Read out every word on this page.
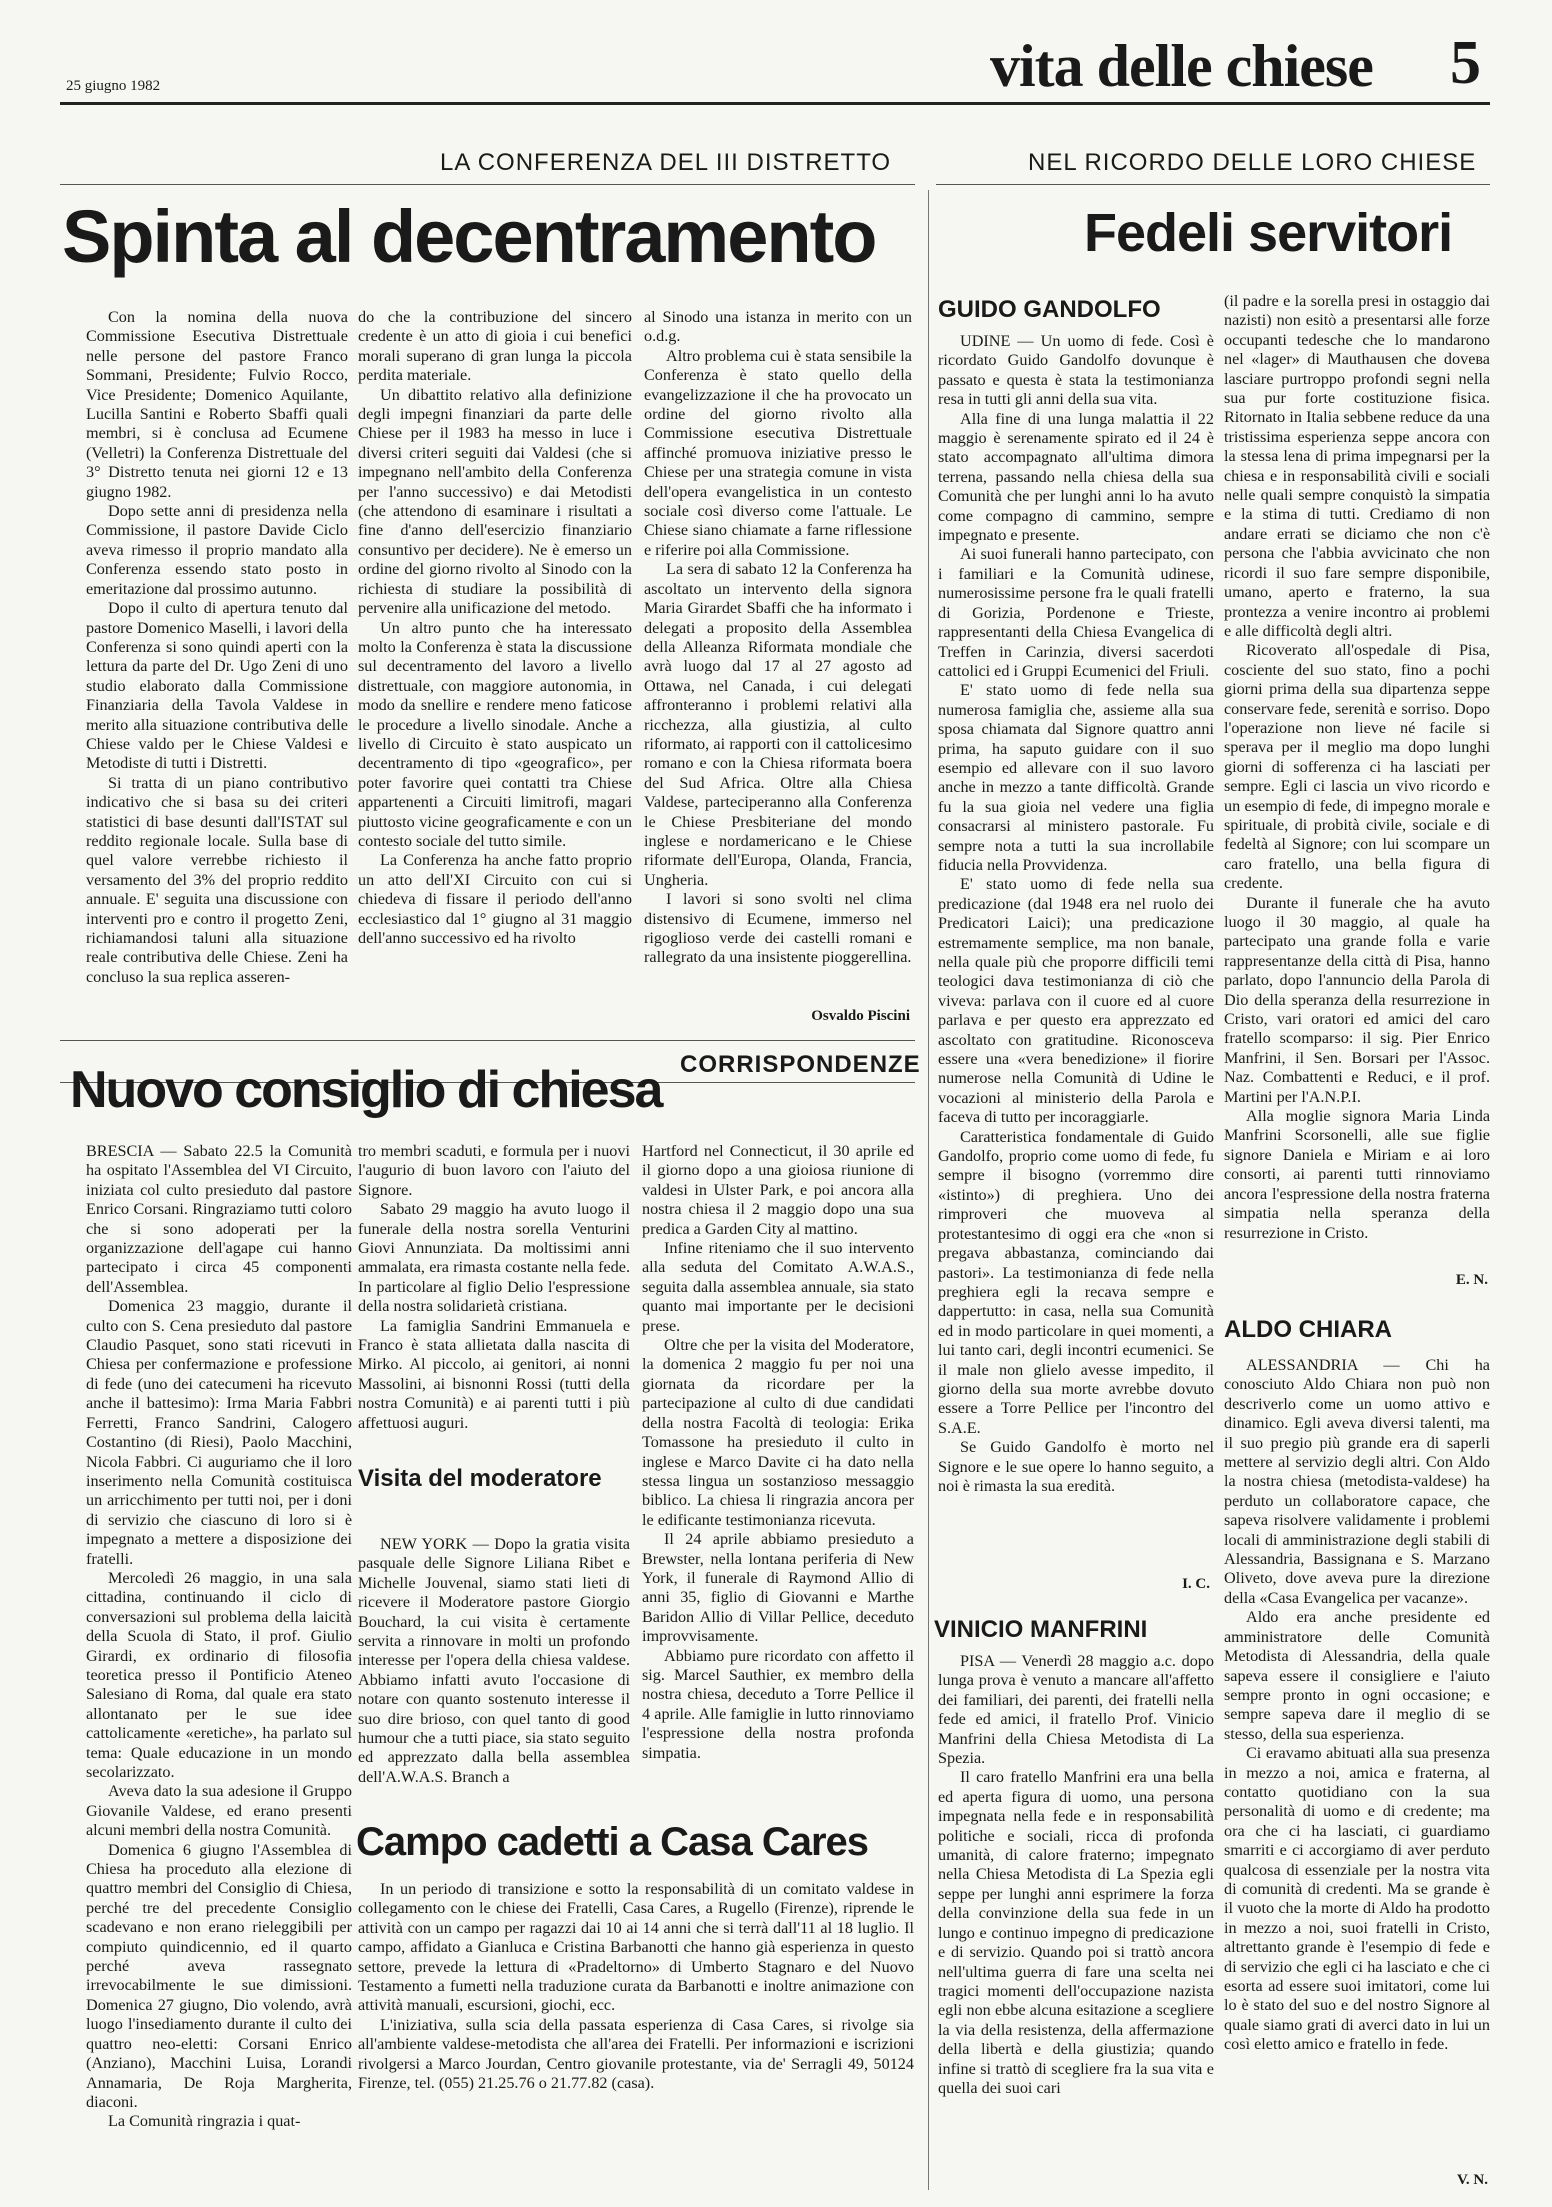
25 giugno 1982	vita delle chiese 5
LA CONFERENZA DEL III DISTRETTO
Spinta al decentramento

Con la nomina della nuova Commissione Esecutiva Distrettuale nelle persone del pastore Franco Sommani, Presidente; Fulvio Rocco, Vice Presidente; Domenico Aquilante, Lucilla Santini e Roberto Sbaffi quali membri, si è conclusa ad Ecumene (Velletri) la Conferenza Distrettuale del 3° Distretto tenuta nei giorni 12 e 13 giugno 1982.

Dopo sette anni di presidenza nella Commissione, il pastore Davide Ciclo aveva rimesso il proprio mandato alla Conferenza essendo stato posto in emeritazione dal prossimo autunno.

Dopo il culto di apertura tenuto dal pastore Domenico Maselli, i lavori della Conferenza si sono quindi aperti con la lettura da parte del Dr. Ugo Zeni di uno studio elaborato dalla Commissione Finanziaria della Tavola Valdese in merito alla situazione contributiva delle Chiese valdo per le Chiese Valdesi e Metodiste di tutti i Distretti.

Si tratta di un piano contributivo indicativo che si basa su dei criteri statistici di base desunti dall'ISTAT sul reddito regionale locale. Sulla base di quel valore verrebbe richiesto il versamento del 3% del proprio reddito annuale. E' seguita una discussione con interventi pro e contro il progetto Zeni, richiamandosi taluni alla situazione reale contributiva delle Chiese. Zeni ha concluso la sua replica asseren-

do che la contribuzione del sincero credente è un atto di gioia i cui benefici morali superano di gran lunga la piccola perdita materiale.

Un dibattito relativo alla definizione degli impegni finanziari da parte delle Chiese per il 1983 ha messo in luce i diversi criteri seguiti dai Valdesi (che si impegnano nell'ambito della Conferenza per l'anno successivo) e dai Metodisti (che attendono di esaminare i risultati a fine d'anno dell'esercizio finanziario consuntivo per decidere). Ne è emerso un ordine del giorno rivolto al Sinodo con la richiesta di studiare la possibilità di pervenire alla unificazione del metodo.

Un altro punto che ha interessato molto la Conferenza è stata la discussione sul decentramento del lavoro a livello distrettuale, con maggiore autonomia, in modo da snellire e rendere meno faticose le procedure a livello sinodale. Anche a livello di Circuito è stato auspicato un decentramento di tipo «geografico», per poter favorire quei contatti tra Chiese appartenenti a Circuiti limitrofi, magari piuttosto vicine geograficamente e con un contesto sociale del tutto simile.

La Conferenza ha anche fatto proprio un atto dell'XI Circuito con cui si chiedeva di fissare il periodo dell'anno ecclesiastico dal 1° giugno al 31 maggio dell'anno successivo ed ha rivolto

al Sinodo una istanza in merito con un o.d.g.

Altro problema cui è stata sensibile la Conferenza è stato quello della evangelizzazione il che ha provocato un ordine del giorno rivolto alla Commissione esecutiva Distrettuale affinché promuova iniziative presso le Chiese per una strategia comune in vista dell'opera evangelistica in un contesto sociale così diverso come l'attuale. Le Chiese siano chiamate a farne riflessione e riferire poi alla Commissione.

La sera di sabato 12 la Conferenza ha ascoltato un intervento della signora Maria Girardet Sbaffi che ha informato i delegati a proposito della Assemblea della Alleanza Riformata mondiale che avrà luogo dal 17 al 27 agosto ad Ottawa, nel Canada, i cui delegati affronteranno i problemi relativi alla ricchezza, alla giustizia, al culto riformato, ai rapporti con il cattolicesimo romano e con la Chiesa riformata boera del Sud Africa. Oltre alla Chiesa Valdese, parteciperanno alla Conferenza le Chiese Presbiteriane del mondo inglese e nordamericano e le Chiese riformate dell'Europa, Olanda, Francia, Ungheria.

I lavori si sono svolti nel clima distensivo di Ecumene, immerso nel rigoglioso verde dei castelli romani e rallegrato da una insistente pioggerellina.

Osvaldo Piscini
CORRISPONDENZE
Nuovo consiglio di chiesa

BRESCIA — Sabato 22.5 la Comunità ha ospitato l'Assemblea del VI Circuito, iniziata col culto presieduto dal pastore Enrico Corsani. Ringraziamo tutti coloro che si sono adoperati per la organizzazione dell'agape cui hanno partecipato i circa 45 componenti dell'Assemblea.

Domenica 23 maggio, durante il culto con S. Cena presieduto dal pastore Claudio Pasquet, sono stati ricevuti in Chiesa per confermazione e professione di fede (uno dei catecumeni ha ricevuto anche il battesimo): Irma Maria Fabbri Ferretti, Franco Sandrini, Calogero Costantino (di Riesi), Paolo Macchini, Nicola Fabbri. Ci auguriamo che il loro inserimento nella Comunità costituisca un arricchimento per tutti noi, per i doni di servizio che ciascuno di loro si è impegnato a mettere a disposizione dei fratelli.

Mercoledì 26 maggio, in una sala cittadina, continuando il ciclo di conversazioni sul problema della laicità della Scuola di Stato, il prof. Giulio Girardi, ex ordinario di filosofia teoretica presso il Pontificio Ateneo Salesiano di Roma, dal quale era stato allontanato per le sue idee cattolicamente «eretiche», ha parlato sul tema: Quale educazione in un mondo secolarizzato.

Aveva dato la sua adesione il Gruppo Giovanile Valdese, ed erano presenti alcuni membri della nostra Comunità.

Domenica 6 giugno l'Assemblea di Chiesa ha proceduto alla elezione di quattro membri del Consiglio di Chiesa, perché tre del precedente Consiglio scadevano e non erano rieleggibili per compiuto quindicennio, ed il quarto perché aveva rassegnato irrevocabilmente le sue dimissioni. Domenica 27 giugno, Dio volendo, avrà luogo l'insediamento durante il culto dei quattro neo-eletti: Corsani Enrico (Anziano), Macchini Luisa, Lorandi Annamaria, De Roja Margherita, diaconi.

La Comunità ringrazia i quat-

tro membri scaduti, e formula per i nuovi l'augurio di buon lavoro con l'aiuto del Signore.

Sabato 29 maggio ha avuto luogo il funerale della nostra sorella Venturini Giovi Annunziata. Da moltissimi anni ammalata, era rimasta costante nella fede. In particolare al figlio Delio l'espressione della nostra solidarietà cristiana.

La famiglia Sandrini Emmanuela e Franco è stata allietata dalla nascita di Mirko. Al piccolo, ai genitori, ai nonni Massolini, ai bisnonni Rossi (tutti della nostra Comunità) e ai parenti tutti i più affettuosi auguri.

Visita del moderatore

NEW YORK — Dopo la gratia visita pasquale delle Signore Liliana Ribet e Michelle Jouvenal, siamo stati lieti di ricevere il Moderatore pastore Giorgio Bouchard, la cui visita è certamente servita a rinnovare in molti un profondo interesse per l'opera della chiesa valdese. Abbiamo infatti avuto l'occasione di notare con quanto sostenuto interesse il suo dire brioso, con quel tanto di good humour che a tutti piace, sia stato seguito ed apprezzato dalla bella assemblea dell'A.W.A.S. Branch a

Hartford nel Connecticut, il 30 aprile ed il giorno dopo a una gioiosa riunione di valdesi in Ulster Park, e poi ancora alla nostra chiesa il 2 maggio dopo una sua predica a Garden City al mattino.

Infine riteniamo che il suo intervento alla seduta del Comitato A.W.A.S., seguita dalla assemblea annuale, sia stato quanto mai importante per le decisioni prese.

Oltre che per la visita del Moderatore, la domenica 2 maggio fu per noi una giornata da ricordare per la partecipazione al culto di due candidati della nostra Facoltà di teologia: Erika Tomassone ha presieduto il culto in inglese e Marco Davite ci ha dato nella stessa lingua un sostanzioso messaggio biblico. La chiesa li ringrazia ancora per le edificante testimonianza ricevuta.

Il 24 aprile abbiamo presieduto a Brewster, nella lontana periferia di New York, il funerale di Raymond Allio di anni 35, figlio di Giovanni e Marthe Baridon Allio di Villar Pellice, deceduto improvvisamente.

Abbiamo pure ricordato con affetto il sig. Marcel Sauthier, ex membro della nostra chiesa, deceduto a Torre Pellice il 4 aprile. Alle famiglie in lutto rinnoviamo l'espressione della nostra profonda simpatia.

Campo cadetti a Casa Cares

In un periodo di transizione e sotto la responsabilità di un comitato valdese in collegamento con le chiese dei Fratelli, Casa Cares, a Rugello (Firenze), riprende le attività con un campo per ragazzi dai 10 ai 14 anni che si terrà dall'11 al 18 luglio. Il campo, affidato a Gianluca e Cristina Barbanotti che hanno già esperienza in questo settore, prevede la lettura di «Pradeltorno» di Umberto Stagnaro e del Nuovo Testamento a fumetti nella traduzione curata da Barbanotti e inoltre animazione con attività manuali, escursioni, giochi, ecc.

L'iniziativa, sulla scia della passata esperienza di Casa Cares, si rivolge sia all'ambiente valdese-metodista che all'area dei Fratelli. Per informazioni e iscrizioni rivolgersi a Marco Jourdan, Centro giovanile protestante, via de' Serragli 49, 50124 Firenze, tel. (055) 21.25.76 o 21.77.82 (casa).

NEL RICORDO DELLE LORO CHIESE
Fedeli servitori
GUIDO GANDOLFO

UDINE — Un uomo di fede. Così è ricordato Guido Gandolfo dovunque è passato e questa è stata la testimonianza resa in tutti gli anni della sua vita.

Alla fine di una lunga malattia il 22 maggio è serenamente spirato ed il 24 è stato accompagnato all'ultima dimora terrena, passando nella chiesa della sua Comunità che per lunghi anni lo ha avuto come compagno di cammino, sempre impegnato e presente.

Ai suoi funerali hanno partecipato, con i familiari e la Comunità udinese, numerosissime persone fra le quali fratelli di Gorizia, Pordenone e Trieste, rappresentanti della Chiesa Evangelica di Treffen in Carinzia, diversi sacerdoti cattolici ed i Gruppi Ecumenici del Friuli.

E' stato uomo di fede nella sua numerosa famiglia che, assieme alla sua sposa chiamata dal Signore quattro anni prima, ha saputo guidare con il suo esempio ed allevare con il suo lavoro anche in mezzo a tante difficoltà. Grande fu la sua gioia nel vedere una figlia consacrarsi al ministero pastorale. Fu sempre nota a tutti la sua incrollabile fiducia nella Provvidenza.

E' stato uomo di fede nella sua predicazione (dal 1948 era nel ruolo dei Predicatori Laici); una predicazione estremamente semplice, ma non banale, nella quale più che proporre difficili temi teologici dava testimonianza di ciò che viveva: parlava con il cuore ed al cuore parlava e per questo era apprezzato ed ascoltato con gratitudine. Riconosceva essere una «vera benedizione» il fiorire numerose nella Comunità di Udine le vocazioni al ministerio della Parola e faceva di tutto per incoraggiarle.

Caratteristica fondamentale di Guido Gandolfo, proprio come uomo di fede, fu sempre il bisogno (vorremmo dire «istinto») di preghiera. Uno dei rimproveri che muoveva al protestantesimo di oggi era che «non si pregava abbastanza, cominciando dai pastori». La testimonianza di fede nella preghiera egli la recava sempre e dappertutto: in casa, nella sua Comunità ed in modo particolare in quei momenti, a lui tanto cari, degli incontri ecumenici. Se il male non glielo avesse impedito, il giorno della sua morte avrebbe dovuto essere a Torre Pellice per l'incontro del S.A.E.

Se Guido Gandolfo è morto nel Signore e le sue opere lo hanno seguito, a noi è rimasta la sua eredità.

I. C.
VINICIO MANFRINI

PISA — Venerdì 28 maggio a.c. dopo lunga prova è venuto a mancare all'affetto dei familiari, dei parenti, dei fratelli nella fede ed amici, il fratello Prof. Vinicio Manfrini della Chiesa Metodista di La Spezia.

Il caro fratello Manfrini era una bella ed aperta figura di uomo, una persona impegnata nella fede e in responsabilità politiche e sociali, ricca di profonda umanità, di calore fraterno; impegnato nella Chiesa Metodista di La Spezia egli seppe per lunghi anni esprimere la forza della convinzione della sua fede in un lungo e continuo impegno di predicazione e di servizio. Quando poi si trattò ancora nell'ultima guerra di fare una scelta nei tragici momenti dell'occupazione nazista egli non ebbe alcuna esitazione a scegliere la via della resistenza, della affermazione della libertà e della giustizia; quando infine si trattò di scegliere fra la sua vita e quella dei suoi cari

(il padre e la sorella presi in ostaggio dai nazisti) non esitò a presentarsi alle forze occupanti tedesche che lo mandarono nel «lager» di Mauthausen che dovева lasciare purtroppo profondi segni nella sua pur forte costituzione fisica. Ritornato in Italia sebbene reduce da una tristissima esperienza seppe ancora con la stessa lena di prima impegnarsi per la chiesa e in responsabilità civili e sociali nelle quali sempre conquistò la simpatia e la stima di tutti. Crediamo di non andare errati se diciamo che non c'è persona che l'abbia avvicinato che non ricordi il suo fare sempre disponibile, umano, aperto e fraterno, la sua prontezza a venire incontro ai problemi e alle difficoltà degli altri.

Ricoverato all'ospedale di Pisa, cosciente del suo stato, fino a pochi giorni prima della sua dipartenza seppe conservare fede, serenità e sorriso. Dopo l'operazione non lieve né facile si sperava per il meglio ma dopo lunghi giorni di sofferenza ci ha lasciati per sempre. Egli ci lascia un vivo ricordo e un esempio di fede, di impegno morale e spirituale, di probità civile, sociale e di fedeltà al Signore; con lui scompare un caro fratello, una bella figura di credente.

Durante il funerale che ha avuto luogo il 30 maggio, al quale ha partecipato una grande folla e varie rappresentanze della città di Pisa, hanno parlato, dopo l'annuncio della Parola di Dio della speranza della resurrezione in Cristo, vari oratori ed amici del caro fratello scomparso: il sig. Pier Enrico Manfrini, il Sen. Borsari per l'Assoc. Naz. Combattenti e Reduci, e il prof. Martini per l'A.N.P.I.

Alla moglie signora Maria Linda Manfrini Scorsonelli, alle sue figlie signore Daniela e Miriam e ai loro consorti, ai parenti tutti rinnoviamo ancora l'espressione della nostra fraterna simpatia nella speranza della resurrezione in Cristo.

E. N.
ALDO CHIARA

ALESSANDRIA — Chi ha conosciuto Aldo Chiara non può non descriverlo come un uomo attivo e dinamico. Egli aveva diversi talenti, ma il suo pregio più grande era di saperli mettere al servizio degli altri. Con Aldo la nostra chiesa (metodista-valdese) ha perduto un collaboratore capace, che sapeva risolvere validamente i problemi locali di amministrazione degli stabili di Alessandria, Bassignana e S. Marzano Oliveto, dove aveva pure la direzione della «Casa Evangelica per vacanze».

Aldo era anche presidente ed amministratore delle Comunità Metodista di Alessandria, della quale sapeva essere il consigliere e l'aiuto sempre pronto in ogni occasione; e sempre sapeva dare il meglio di se stesso, della sua esperienza.

Ci eravamo abituati alla sua presenza in mezzo a noi, amica e fraterna, al contatto quotidiano con la sua personalità di uomo e di credente; ma ora che ci ha lasciati, ci guardiamo smarriti e ci accorgiamo di aver perduto qualcosa di essenziale per la nostra vita di comunità di credenti. Ma se grande è il vuoto che la morte di Aldo ha prodotto in mezzo a noi, suoi fratelli in Cristo, altrettanto grande è l'esempio di fede e di servizio che egli ci ha lasciato e che ci esorta ad essere suoi imitatori, come lui lo è stato del suo e del nostro Signore al quale siamo grati di averci dato in lui un così eletto amico e fratello in fede.

V. N.
